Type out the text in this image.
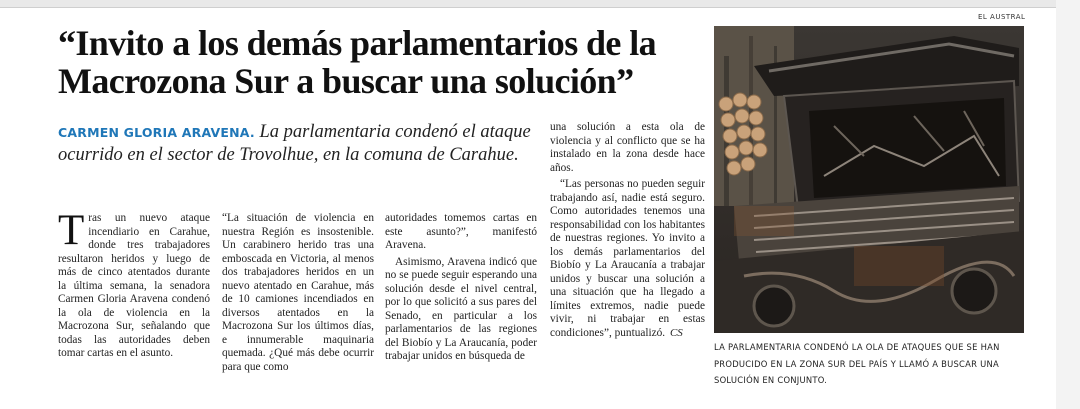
EL AUSTRAL
“Invito a los demás parlamentarios de la Macrozona Sur a buscar una solución”
CARMEN GLORIA ARAVENA. La parlamentaria condenó el ataque ocurrido en el sector de Trovolhue, en la comuna de Carahue.
T ras un nuevo ataque incendiario en Carahue, donde tres trabajadores resultaron heridos y luego de más de cinco atentados durante la última semana, la senadora Carmen Gloria Aravena condenó la ola de violencia en la Macrozona Sur, señalando que todas las autoridades deben tomar cartas en el asunto.

“La situación de violencia en nuestra Región es insostenible. Un carabinero herido tras una emboscada en Victoria, al menos dos trabajadores heridos en un nuevo atentado en Carahue, más de 10 camiones incendiados en diversos atentados en la Macrozona Sur los últimos días, e innumerable maquinaria quemada. ¿Qué más debe ocurrir para que como

autoridades tomemos cartas en este asunto?”, manifestó Aravena.

Asimismo, Aravena indicó que no se puede seguir esperando una solución desde el nivel central, por lo que solicitó a sus pares del Senado, en particular a los parlamentarios de las regiones del Biobío y La Araucanía, poder trabajar unidos en búsqueda de

una solución a esta ola de violencia y al conflicto que se ha instalado en la zona desde hace años.

“Las personas no pueden seguir trabajando así, nadie está seguro. Como autoridades tenemos una responsabilidad con los habitantes de nuestras regiones. Yo invito a los demás parlamentarios del Biobío y La Araucanía a trabajar unidos y buscar una solución a una situación que ha llegado a límites extremos, nadie puede vivir, ni trabajar en estas condiciones”, puntualizó. CS

LA PARLAMENTARIA CONDENÓ LA OLA DE ATAQUES QUE SE HAN PRODUCIDO EN LA ZONA SUR DEL PAÍS Y LLAMÓ A BUSCAR UNA SOLUCIÓN EN CONJUNTO.
